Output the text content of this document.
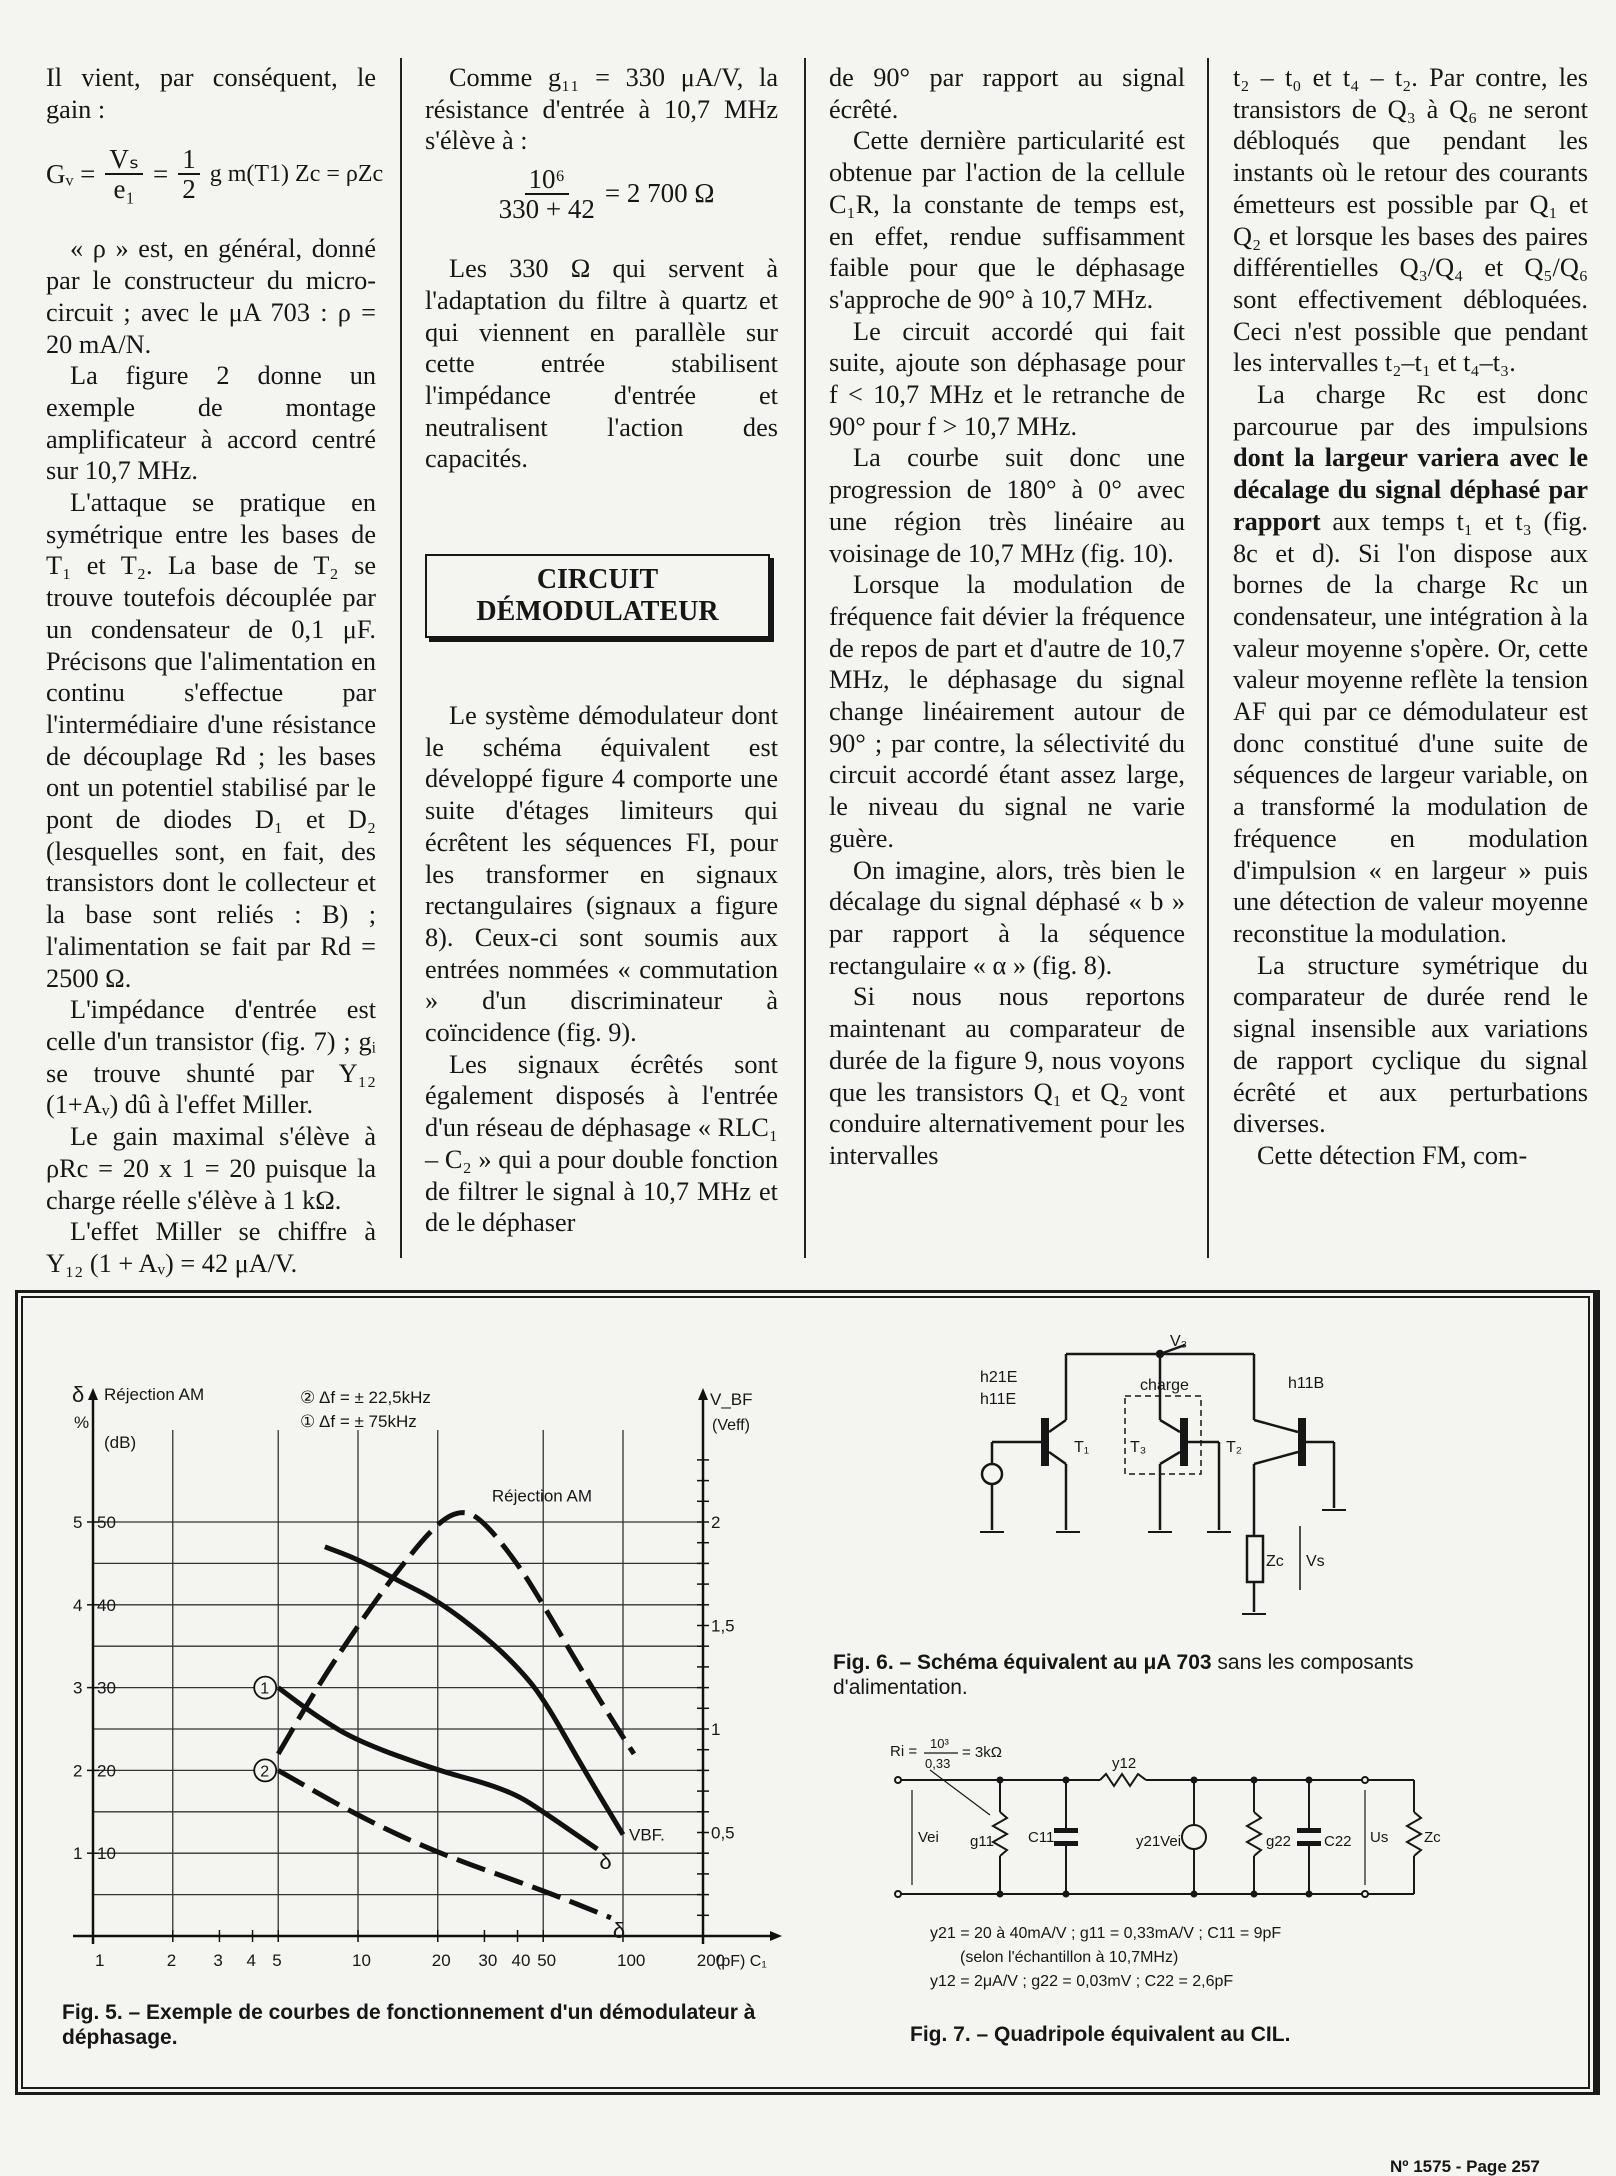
Il vient, par conséquent, le gain :

Gᵥ = $\frac{\text{Vₛ}}{\text{e₁}} = \frac{1}{2}$ g m(T1) Zc = ρZc

« ρ » est, en général, donné par le constructeur du micro-circuit ; avec le μA 703 : ρ = 20 mA/N.

La figure 2 donne un exemple de montage amplificateur à accord centré sur 10,7 MHz.

L'attaque se pratique en symétrique entre les bases de T₁ et T₂. La base de T₂ se trouve toutefois découplée par un condensateur de 0,1 μF. Précisons que l'alimentation en continu s'effectue par l'intermédiaire d'une résistance de découplage Rd ; les bases ont un potentiel stabilisé par le pont de diodes D₁ et D₂ (lesquelles sont, en fait, des transistors dont le collecteur et la base sont reliés : B) ; l'alimentation se fait par Rd = 2500 Ω.

L'impédance d'entrée est celle d'un transistor (fig. 7) ; gᵢ se trouve shunté par Y₁₂ (1+Aᵥ) dû à l'effet Miller.

Le gain maximal s'élève à ρRc = 20 x 1 = 20 puisque la charge réelle s'élève à 1 kΩ.

L'effet Miller se chiffre à Y₁₂ (1 + Aᵥ) = 42 μA/V.

Comme g₁₁ = 330 μA/V, la résistance d'entrée à 10,7 MHz s'élève à :

$\frac{\text{10⁶}}{330 + 42} = 2$ 700 Ω

Les 330 Ω qui servent à l'adaptation du filtre à quartz et qui viennent en parallèle sur cette entrée stabilisent l'impédance d'entrée et neutralisent l'action des capacités.

CIRCUIT
DÉMODULATEUR

Le système démodulateur dont le schéma équivalent est développé figure 4 comporte une suite d'étages limiteurs qui écrêtent les séquences FI, pour les transformer en signaux rectangulaires (signaux a figure 8). Ceux-ci sont soumis aux entrées nommées « commutation » d'un discriminateur à coïncidence (fig. 9).

Les signaux écrêtés sont également disposés à l'entrée d'un réseau de déphasage « RLC₁ – C₂ » qui a pour double fonction de filtrer le signal à 10,7 MHz et de le déphaser

de 90° par rapport au signal écrêté.

Cette dernière particularité est obtenue par l'action de la cellule C₁R, la constante de temps est, en effet, rendue suffisamment faible pour que le déphasage s'approche de 90° à 10,7 MHz.

Le circuit accordé qui fait suite, ajoute son déphasage pour f < 10,7 MHz et le retranche de 90° pour f > 10,7 MHz.

La courbe suit donc une progression de 180° à 0° avec une région très linéaire au voisinage de 10,7 MHz (fig. 10).

Lorsque la modulation de fréquence fait dévier la fréquence de repos de part et d'autre de 10,7 MHz, le déphasage du signal change linéairement autour de 90° ; par contre, la sélectivité du circuit accordé étant assez large, le niveau du signal ne varie guère.

On imagine, alors, très bien le décalage du signal déphasé « b » par rapport à la séquence rectangulaire « α » (fig. 8).

Si nous nous reportons maintenant au comparateur de durée de la figure 9, nous voyons que les transistors Q₁ et Q₂ vont conduire alternativement pour les intervalles

t₂ – t₀ et t₄ – t₂. Par contre, les transistors de Q₃ à Q₆ ne seront débloqués que pendant les instants où le retour des courants émetteurs est possible par Q₁ et Q₂ et lorsque les bases des paires différentielles Q₃/Q₄ et Q₅/Q₆ sont effectivement débloquées. Ceci n'est possible que pendant les intervalles t₂–t₁ et t₄–t₃.

La charge Rc est donc parcourue par des impulsions dont la largeur variera avec le décalage du signal déphasé par rapport aux temps t₁ et t₃ (fig. 8c et d). Si l'on dispose aux bornes de la charge Rc un condensateur, une intégration à la valeur moyenne s'opère. Or, cette valeur moyenne reflète la tension AF qui par ce démodulateur est donc constitué d'une suite de séquences de largeur variable, on a transformé la modulation de fréquence en modulation d'impulsion « en largeur » puis une détection de valeur moyenne reconstitue la modulation.

La structure symétrique du comparateur de durée rend le signal insensible aux variations de rapport cyclique du signal écrêté et aux perturbations diverses.

Cette détection FM, com-

0,5
1
1,5
2
1 10
2 20
3 30
4 40
5 50
1	2 3 4 5	10	20 30 40 50	100	200
Réjection AM
VBF.
1
δ
2
δ
δ Réjection AM
%
(dB)
② Δf = ± 22,5kHz
① Δf = ± 75kHz
V_BF
(Veff)
(pF) C₁
V₃
h21E
h11E
h11B
charge
T₁	T₃	T₂
Zc Vs
Ri = 10³
0,33
= 3kΩ
Vei g11 C11
y12
y21Vei	g22 C22 Us Zc
Fig. 5. – Exemple de courbes de fonctionnement d'un démodulateur à déphasage.
Fig. 6. – Schéma équivalent au μA 703 sans les composants d'alimentation.
y21 = 20 à 40mA/V ; g11 = 0,33mA/V ; C11 = 9pF
(selon l'échantillon à 10,7MHz)
y12 = 2μA/V ; g22 = 0,03mV ; C22 = 2,6pF
Fig. 7. – Quadripole équivalent au CIL.
Nº 1575 - Page 257
